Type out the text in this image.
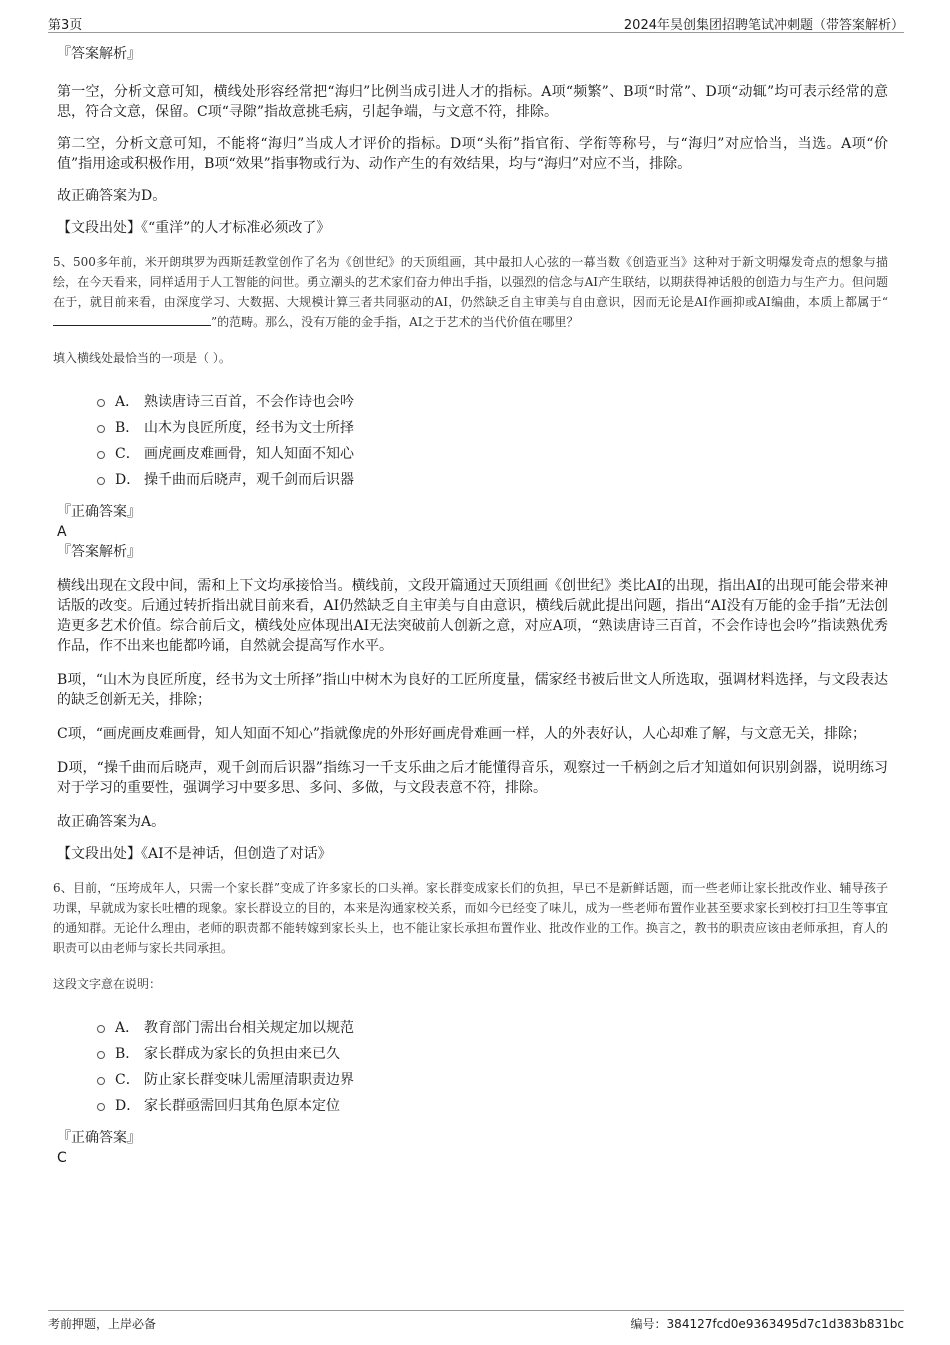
第3页	2024年昊创集团招聘笔试冲刺题（带答案解析）
『答案解析』

第一空，分析文意可知，横线处形容经常把“海归”比例当成引进人才的指标。A项“频繁”、B项“时常”、D项“动辄”均可表示经常的意思，符合文意，保留。C项“寻隙”指故意挑毛病，引起争端，与文意不符，排除。

第二空，分析文意可知，不能将“海归”当成人才评价的指标。D项“头衔”指官衔、学衔等称号，与“海归”对应恰当，当选。A项“价值”指用途或积极作用，B项“效果”指事物或行为、动作产生的有效结果，均与“海归”对应不当，排除。

故正确答案为D。

【文段出处】《“重洋”的人才标准必须改了》
5、500多年前，米开朗琪罗为西斯廷教堂创作了名为《创世纪》的天顶组画，其中最扣人心弦的一幕当数《创造亚当》这种对于新文明爆发奇点的想象与描绘，在今天看来，同样适用于人工智能的问世。勇立潮头的艺术家们奋力伸出手指，以强烈的信念与AI产生联结，以期获得神话般的创造力与生产力。但问题在于，就目前来看，由深度学习、大数据、大规模计算三者共同驱动的AI，仍然缺乏自主审美与自由意识，因而无论是AI作画抑或AI编曲，本质上都属于“”的范畴。那么，没有万能的金手指，AI之于艺术的当代价值在哪里？
填入横线处最恰当的一项是（ ）。
A． 熟读唐诗三百首，不会作诗也会吟
B． 山木为良匠所度，经书为文士所择
C． 画虎画皮难画骨，知人知面不知心
D． 操千曲而后晓声，观千剑而后识器
『正确答案』
A
『答案解析』

横线出现在文段中间，需和上下文均承接恰当。横线前，文段开篇通过天顶组画《创世纪》类比AI的出现，指出AI的出现可能会带来神话版的改变。后通过转折指出就目前来看，AI仍然缺乏自主审美与自由意识，横线后就此提出问题，指出“AI没有万能的金手指”无法创造更多艺术价值。综合前后文，横线处应体现出AI无法突破前人创新之意，对应A项，“熟读唐诗三百首，不会作诗也会吟”指读熟优秀作品，作不出来也能都吟诵，自然就会提高写作水平。

B项，“山木为良匠所度，经书为文士所择”指山中树木为良好的工匠所度量，儒家经书被后世文人所选取，强调材料选择，与文段表达的缺乏创新无关，排除；

C项，“画虎画皮难画骨，知人知面不知心”指就像虎的外形好画虎骨难画一样，人的外表好认，人心却难了解，与文意无关，排除；

D项，“操千曲而后晓声，观千剑而后识器”指练习一千支乐曲之后才能懂得音乐，观察过一千柄剑之后才知道如何识别剑器，说明练习对于学习的重要性，强调学习中要多思、多问、多做，与文段表意不符，排除。

故正确答案为A。

【文段出处】《AI不是神话，但创造了对话》
6、目前，“压垮成年人，只需一个家长群”变成了许多家长的口头禅。家长群变成家长们的负担，早已不是新鲜话题，而一些老师让家长批改作业、辅导孩子功课，早就成为家长吐槽的现象。家长群设立的目的，本来是沟通家校关系，而如今已经变了味儿，成为一些老师布置作业甚至要求家长到校打扫卫生等事宜的通知群。无论什么理由，老师的职责都不能转嫁到家长头上，也不能让家长承担布置作业、批改作业的工作。换言之，教书的职责应该由老师承担，育人的职责可以由老师与家长共同承担。
这段文字意在说明：
A． 教育部门需出台相关规定加以规范
B． 家长群成为家长的负担由来已久
C． 防止家长群变味儿需厘清职责边界
D． 家长群亟需回归其角色原本定位
『正确答案』
C
考前押题，上岸必备	编号：384127fcd0e9363495d7c1d383b831bc
